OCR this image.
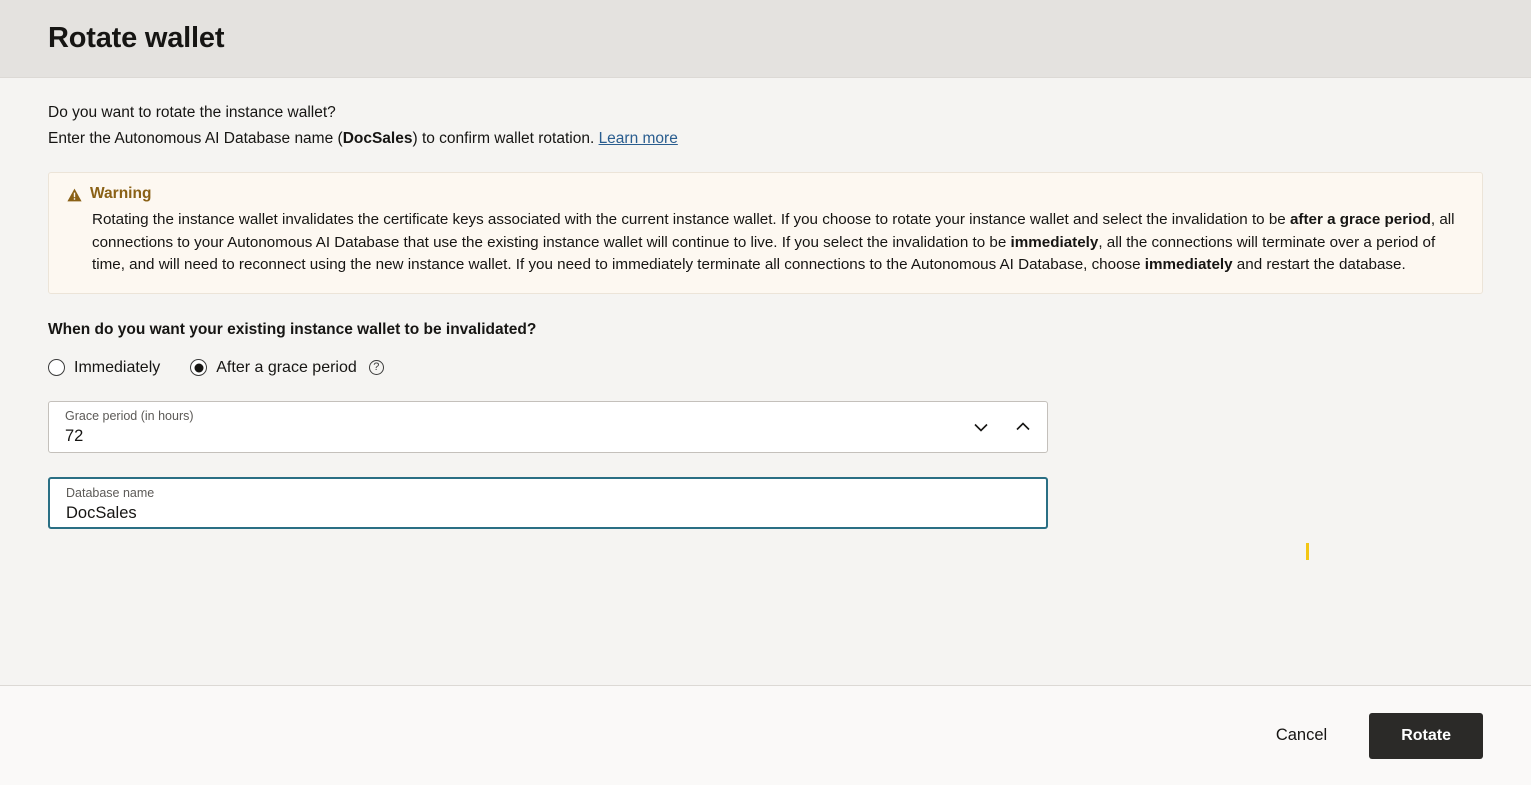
Rotate wallet
Do you want to rotate the instance wallet?
Enter the Autonomous AI Database name (DocSales) to confirm wallet rotation. Learn more
Warning
Rotating the instance wallet invalidates the certificate keys associated with the current instance wallet. If you choose to rotate your instance wallet and select the invalidation to be after a grace period, all connections to your Autonomous AI Database that use the existing instance wallet will continue to live. If you select the invalidation to be immediately, all the connections will terminate over a period of time, and will need to reconnect using the new instance wallet. If you need to immediately terminate all connections to the Autonomous AI Database, choose immediately and restart the database.
When do you want your existing instance wallet to be invalidated?
Immediately	After a grace period	?
Grace period (in hours)
72
Database name
DocSales
Cancel	Rotate
